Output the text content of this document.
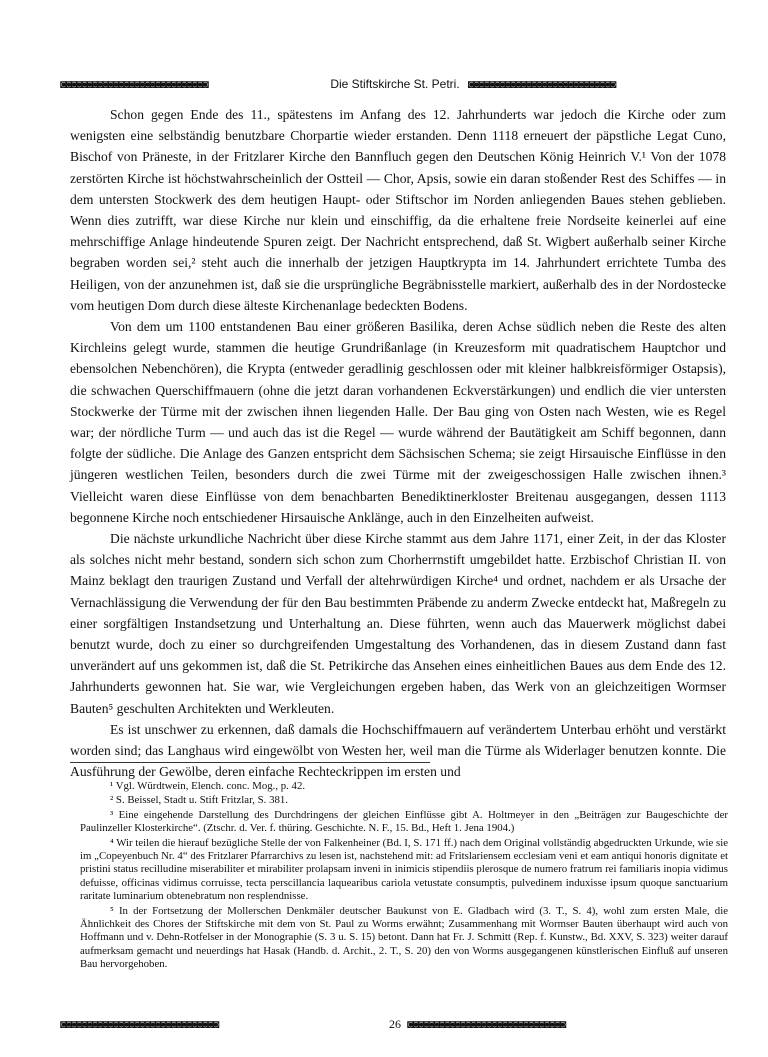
◙◙◙◙◙◙◙◙◙◙◙◙◙◙◙◙◙◙◙◙◙◙◙◙◙◙◙◙	Die Stiftskirche St. Petri. ◙◙◙◙◙◙◙◙◙◙◙◙◙◙◙◙◙◙◙◙◙◙◙◙◙◙◙◙

Schon gegen Ende des 11., spätestens im Anfang des 12. Jahrhunderts war jedoch die Kirche oder zum wenigsten eine selbständig benutzbare Chorpartie wieder erstanden. Denn 1118 erneuert der päpstliche Legat Cuno, Bischof von Pränestе, in der Fritzlarer Kirche den Bannfluch gegen den Deutschen König Heinrich V.¹ Von der 1078 zerstörten Kirche ist höchstwahrscheinlich der Ostteil — Chor, Apsis, sowie ein daran stoßender Rest des Schiffes — in dem untersten Stockwerk des dem heutigen Haupt- oder Stiftschor im Norden anliegenden Baues stehen geblieben. Wenn dies zutrifft, war diese Kirche nur klein und einschiffig, da die erhaltene freie Nordseite keinerlei auf eine mehrschiffige Anlage hindeutende Spuren zeigt. Der Nachricht entsprechend, daß St. Wigbert außerhalb seiner Kirche begraben worden sei,² steht auch die innerhalb der jetzigen Hauptkrypta im 14. Jahrhundert errichtete Tumba des Heiligen, von der anzunehmen ist, daß sie die ursprüngliche Begräbnisstelle markiert, außerhalb des in der Nordostecke vom heutigen Dom durch diese älteste Kirchenanlage bedeckten Bodens.

Von dem um 1100 entstandenen Bau einer größeren Basilika, deren Achse südlich neben die Reste des alten Kirchleins gelegt wurde, stammen die heutige Grundrißanlage (in Kreuzesform mit quadratischem Hauptchor und ebensolchen Nebenchören), die Krypta (entweder geradlinig geschlossen oder mit kleiner halbkreisförmiger Ostapsis), die schwachen Querschiffmauern (ohne die jetzt daran vorhandenen Eckverstärkungen) und endlich die vier untersten Stockwerke der Türme mit der zwischen ihnen liegenden Halle. Der Bau ging von Osten nach Westen, wie es Regel war; der nördliche Turm — und auch das ist die Regel — wurde während der Bautätigkeit am Schiff begonnen, dann folgte der südliche. Die Anlage des Ganzen entspricht dem Sächsischen Schema; sie zeigt Hirsauische Einflüsse in den jüngeren westlichen Teilen, besonders durch die zwei Türme mit der zweigeschossigen Halle zwischen ihnen.³ Vielleicht waren diese Einflüsse von dem benachbarten Benediktinerkloster Breitenau ausgegangen, dessen 1113 begonnene Kirche noch entschiedener Hirsauische Anklänge, auch in den Einzelheiten aufweist.

Die nächste urkundliche Nachricht über diese Kirche stammt aus dem Jahre 1171, einer Zeit, in der das Kloster als solches nicht mehr bestand, sondern sich schon zum Chorherrnstift umgebildet hatte. Erzbischof Christian II. von Mainz beklagt den traurigen Zustand und Verfall der altehrwürdigen Kirche⁴ und ordnet, nachdem er als Ursache der Vernachlässigung die Verwendung der für den Bau bestimmten Präbende zu anderm Zwecke entdeckt hat, Maßregeln zu einer sorgfältigen Instandsetzung und Unterhaltung an. Diese führten, wenn auch das Mauerwerk möglichst dabei benutzt wurde, doch zu einer so durchgreifenden Umgestaltung des Vorhandenen, das in diesem Zustand dann fast unverändert auf uns gekommen ist, daß die St. Petrikirche das Ansehen eines einheitlichen Baues aus dem Ende des 12. Jahrhunderts gewonnen hat. Sie war, wie Vergleichungen ergeben haben, das Werk von an gleichzeitigen Wormser Bauten⁵ geschulten Architekten und Werkleuten.

Es ist unschwer zu erkennen, daß damals die Hochschiffmauern auf verändertem Unterbau erhöht und verstärkt worden sind; das Langhaus wird eingewölbt von Westen her, weil man die Türme als Widerlager benutzen konnte. Die Ausführung der Gewölbe, deren einfache Rechteckrippen im ersten und

¹ Vgl. Würdtwein, Elench. conc. Mog., p. 42.

² S. Beissel, Stadt u. Stift Fritzlar, S. 381.

³ Eine eingehende Darstellung des Durchdringens der gleichen Einflüsse gibt A. Holtmeyer in den „Beiträgen zur Baugeschichte der Paulinzeller Klosterkirche“. (Ztschr. d. Ver. f. thüring. Geschichte. N. F., 15. Bd., Heft 1. Jena 1904.)

⁴ Wir teilen die hierauf bezügliche Stelle der von Falkenheiner (Bd. I, S. 171 ff.) nach dem Original vollständig abgedruckten Urkunde, wie sie im „Copeyenbuch Nr. 4“ des Fritzlarer Pfarrarchivs zu lesen ist, nachstehend mit: ad Fritslariensem ecclesiam veni et eam antiqui honoris dignitate et pristini status recilludine miserabiliter et mirabiliter prolapsam inveni in inimicis stipendiis plerosque de numero fratrum rei familiaris inopia vidimus defuisse, officinas vidimus corruisse, tecta perscillancia laquearibus cariola vetustate consumptis, pulvedinem induxisse ipsum quoque sanctuarium raritate luminarium obtenebratum non resplendnisse.

⁵ In der Fortsetzung der Mollerschen Denkmäler deutscher Baukunst von E. Gladbach wird (3. T., S. 4), wohl zum ersten Male, die Ähnlichkeit des Chores der Stiftskirche mit dem von St. Paul zu Worms erwähnt; Zusammenhang mit Wormser Bauten überhaupt wird auch von Hoffmann und v. Dehn-Rotfelser in der Monographie (S. 3 u. S. 15) betont. Dann hat Fr. J. Schmitt (Rep. f. Kunstw., Bd. XXV, S. 323) weiter darauf aufmerksam gemacht und neuerdings hat Hasak (Handb. d. Archit., 2. T., S. 20) den von Worms ausgegangenen künstlerischen Einfluß auf unseren Bau hervorgehoben.

◙◙◙◙◙◙◙◙◙◙◙◙◙◙◙◙◙◙◙◙◙◙◙◙◙◙◙◙◙◙	26 ◙◙◙◙◙◙◙◙◙◙◙◙◙◙◙◙◙◙◙◙◙◙◙◙◙◙◙◙◙◙
